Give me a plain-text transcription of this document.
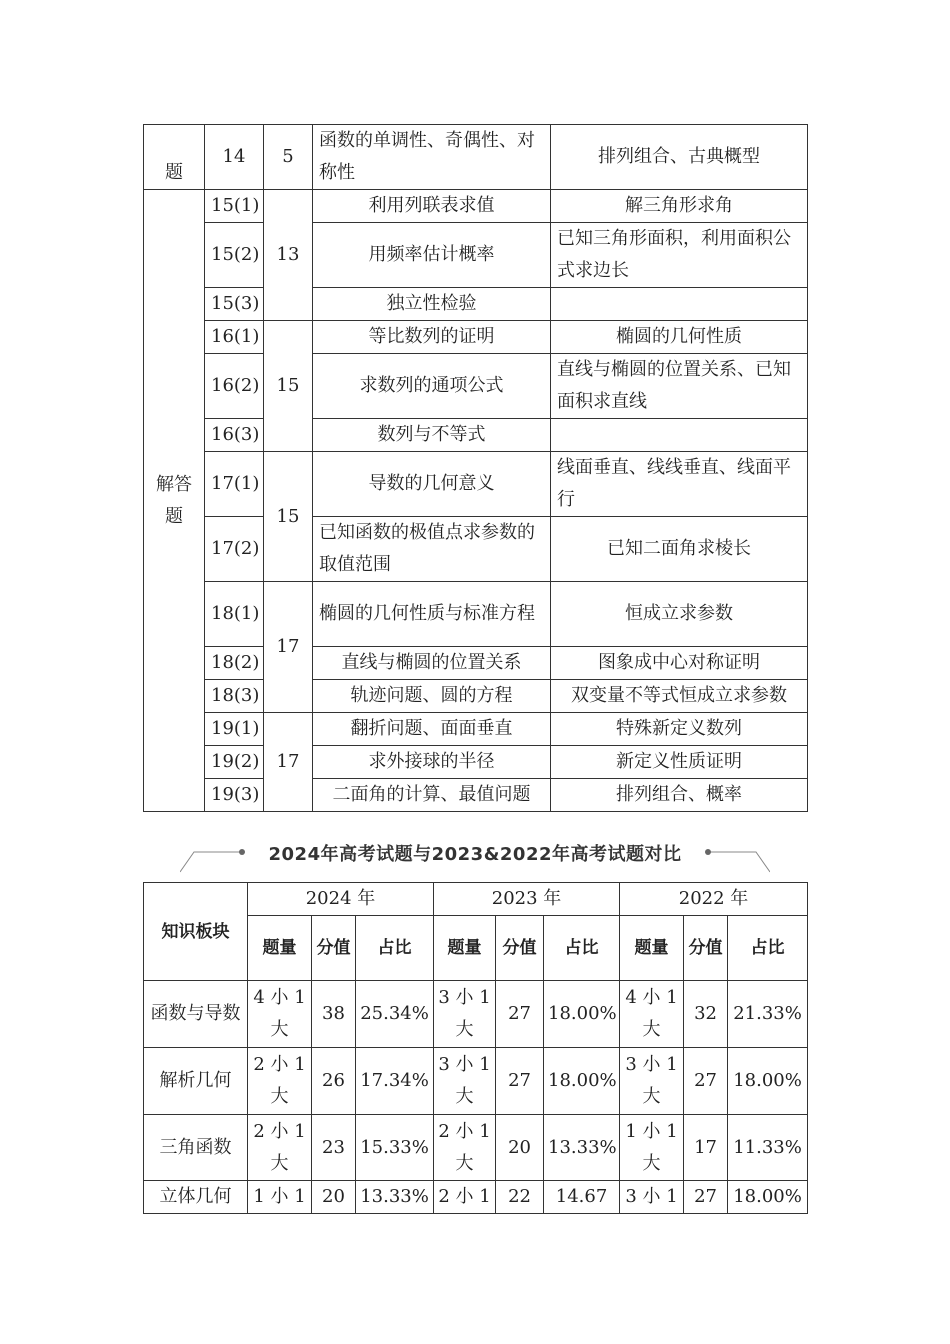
题	14	5	函数的单调性、奇偶性、对称性	排列组合、古典概型
解答题	15(1)	13	利用列联表求值	解三角形求角
	15(2)		用频率估计概率	已知三角形面积，利用面积公式求边长
	15(3)		独立性检验	
	16(1)	15	等比数列的证明	椭圆的几何性质
	16(2)		求数列的通项公式	直线与椭圆的位置关系、已知面积求直线
	16(3)		数列与不等式	
	17(1)	15	导数的几何意义	线面垂直、线线垂直、线面平行
	17(2)		已知函数的极值点求参数的取值范围	已知二面角求棱长
	18(1)	17	椭圆的几何性质与标准方程	恒成立求参数
	18(2)		直线与椭圆的位置关系	图象成中心对称证明
	18(3)		轨迹问题、圆的方程	双变量不等式恒成立求参数
	19(1)	17	翻折问题、面面垂直	特殊新定义数列
	19(2)		求外接球的半径	新定义性质证明
	19(3)		二面角的计算、最值问题	排列组合、概率
2024年高考试题与2023&2022年高考试题对比
知识板块	2024 年			2023 年			2022 年		
	题量	分值	占比	题量	分值	占比	题量	分值	占比
函数与导数	4 小 1 大	38	25.34%	3 小 1 大	27	18.00%	4 小 1 大	32	21.33%
解析几何	2 小 1 大	26	17.34%	3 小 1 大	27	18.00%	3 小 1 大	27	18.00%
三角函数	2 小 1 大	23	15.33%	2 小 1 大	20	13.33%	1 小 1 大	17	11.33%
立体几何	1 小 1	20	13.33%	2 小 1	22	14.67	3 小 1	27	18.00%
